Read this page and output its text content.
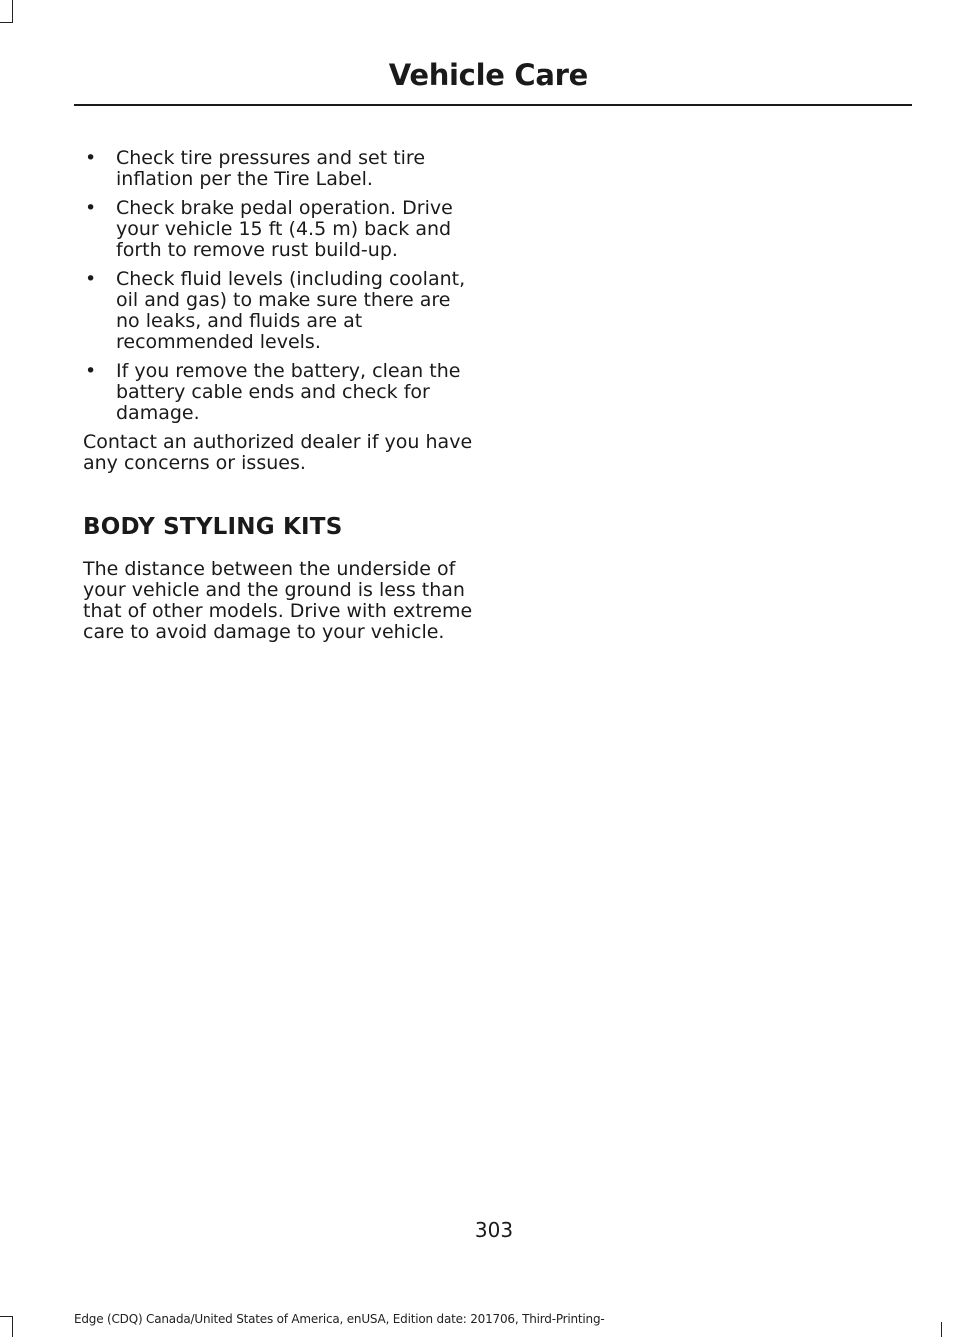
Vehicle Care
• Check tire pressures and set tire inflation per the Tire Label.
• Check brake pedal operation. Drive your vehicle 15 ft (4.5 m) back and forth to remove rust build-up.
• Check fluid levels (including coolant, oil and gas) to make sure there are no leaks, and fluids are at recommended levels.
• If you remove the battery, clean the battery cable ends and check for damage.

Contact an authorized dealer if you have any concerns or issues.

BODY STYLING KITS

The distance between the underside of your vehicle and the ground is less than that of other models. Drive with extreme care to avoid damage to your vehicle.

303
Edge (CDQ) Canada/United States of America, enUSA, Edition date: 201706, Third-Printing-
